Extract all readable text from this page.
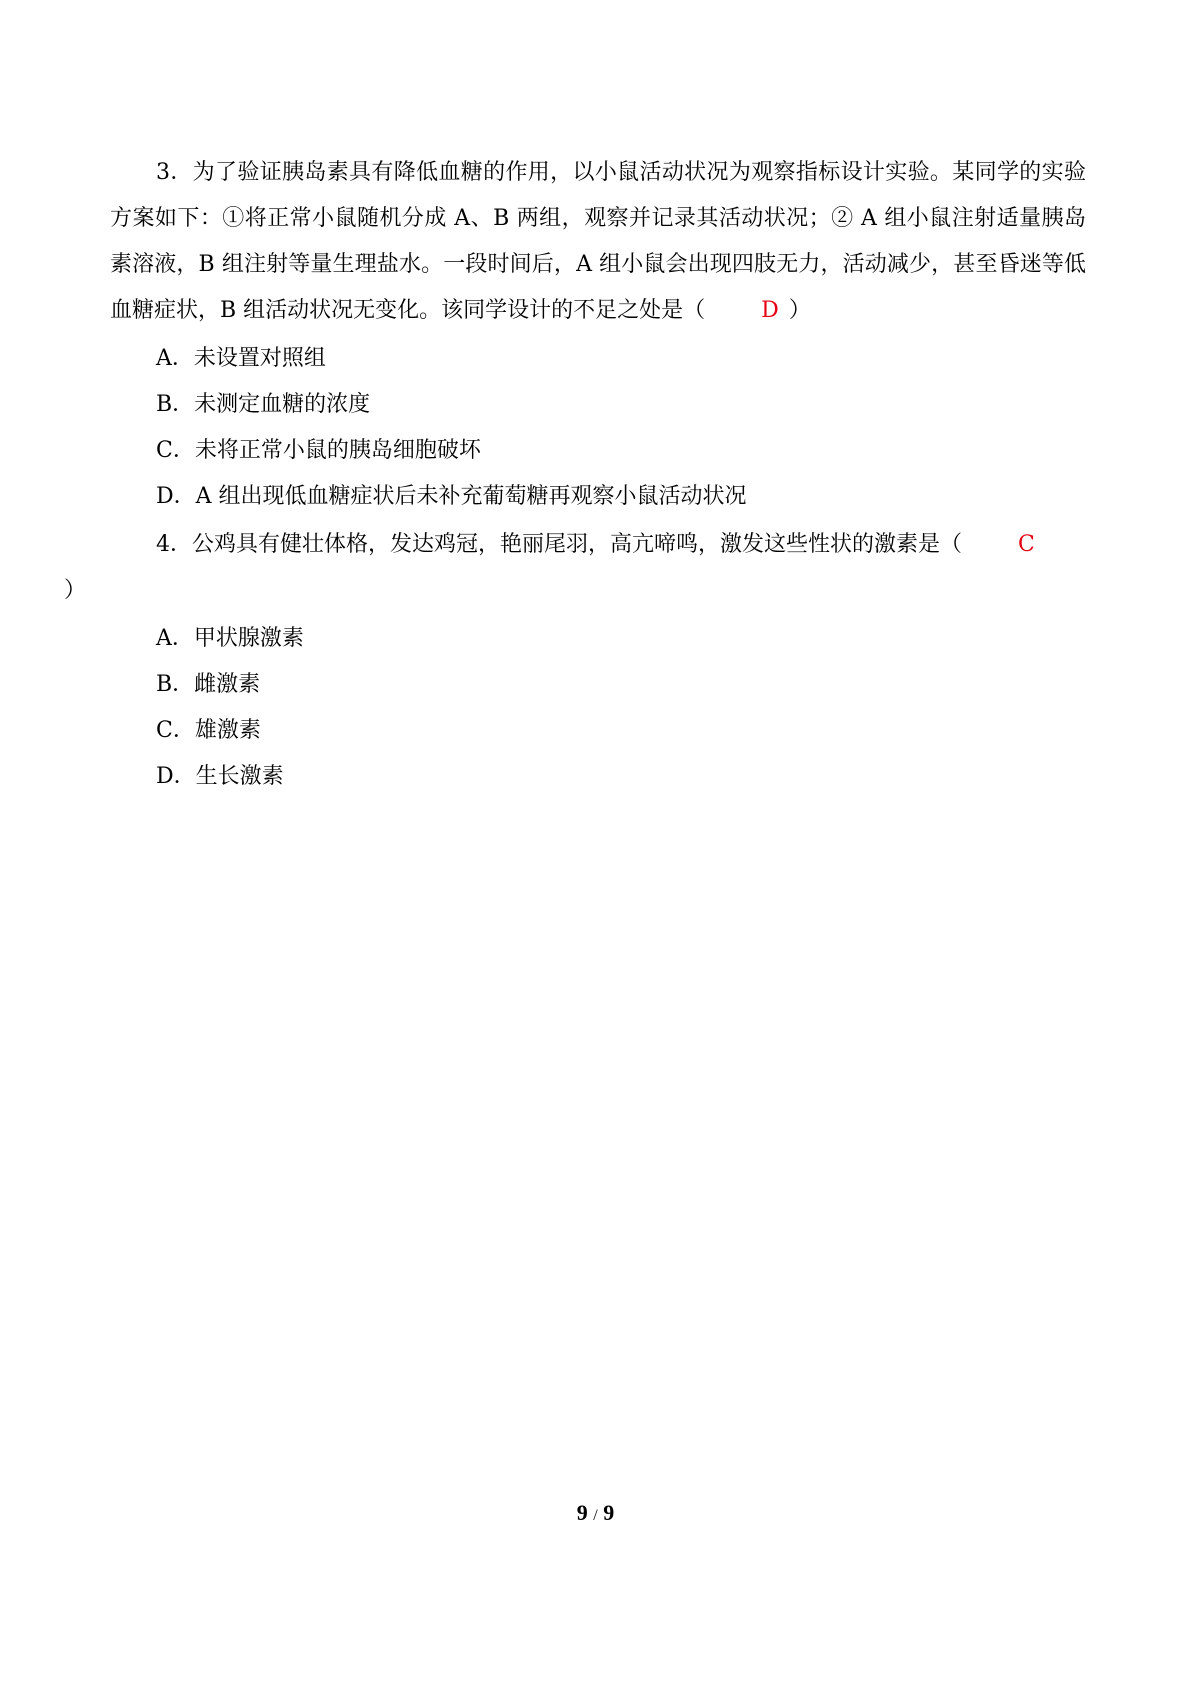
3．为了验证胰岛素具有降低血糖的作用，以小鼠活动状况为观察指标设计实验。某同学的实验方案如下：①将正常小鼠随机分成 A、B 两组，观察并记录其活动状况；② A 组小鼠注射适量胰岛素溶液，B 组注射等量生理盐水。一段时间后，A 组小鼠会出现四肢无力，活动减少，甚至昏迷等低血糖症状，B 组活动状况无变化。该同学设计的不足之处是（	D ）

A．未设置对照组

B．未测定血糖的浓度

C．未将正常小鼠的胰岛细胞破坏

D．A 组出现低血糖症状后未补充葡萄糖再观察小鼠活动状况

4．公鸡具有健壮体格，发达鸡冠，艳丽尾羽，高亢啼鸣，激发这些性状的激素是（	C
）

A．甲状腺激素

B．雌激素

C．雄激素

D．生长激素

9 / 9
